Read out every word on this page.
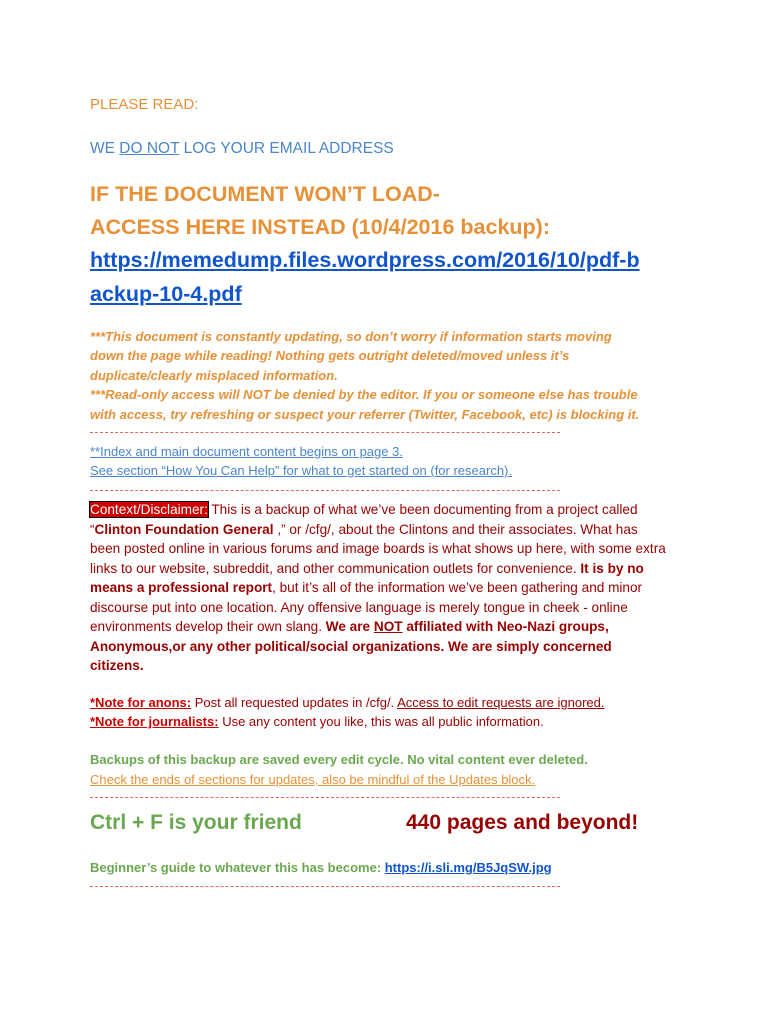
PLEASE READ:
WE DO NOT LOG YOUR EMAIL ADDRESS
IF THE DOCUMENT WON’T LOAD-
ACCESS HERE INSTEAD (10/4/2016 backup):
https://memedump.files.wordpress.com/2016/10/pdf-b
ackup-10-4.pdf
***This document is constantly updating, so don’t worry if information starts moving
down the page while reading! Nothing gets outright deleted/moved unless it’s
duplicate/clearly misplaced information.
***Read-only access will NOT be denied by the editor. If you or someone else has trouble
with access, try refreshing or suspect your referrer (Twitter, Facebook, etc) is blocking it.
**Index and main document content begins on page 3.
See section “How You Can Help” for what to get started on (for research).
Context/Disclaimer: This is a backup of what we’ve been documenting from a project called
“Clinton Foundation General ,” or /cfg/, about the Clintons and their associates. What has
been posted online in various forums and image boards is what shows up here, with some extra
links to our website, subreddit, and other communication outlets for convenience. It is by no
means a professional report, but it’s all of the information we’ve been gathering and minor
discourse put into one location. Any offensive language is merely tongue in cheek - online
environments develop their own slang. We are NOT affiliated with Neo-Nazi groups,
Anonymous,or any other political/social organizations. We are simply concerned
citizens.
*Note for anons: Post all requested updates in /cfg/. Access to edit requests are ignored.
*Note for journalists: Use any content you like, this was all public information.
Backups of this backup are saved every edit cycle. No vital content ever deleted.
Check the ends of sections for updates, also be mindful of the Updates block.
Ctrl + F is your friend	440 pages and beyond!
Beginner’s guide to whatever this has become: https://i.sli.mg/B5JqSW.jpg
